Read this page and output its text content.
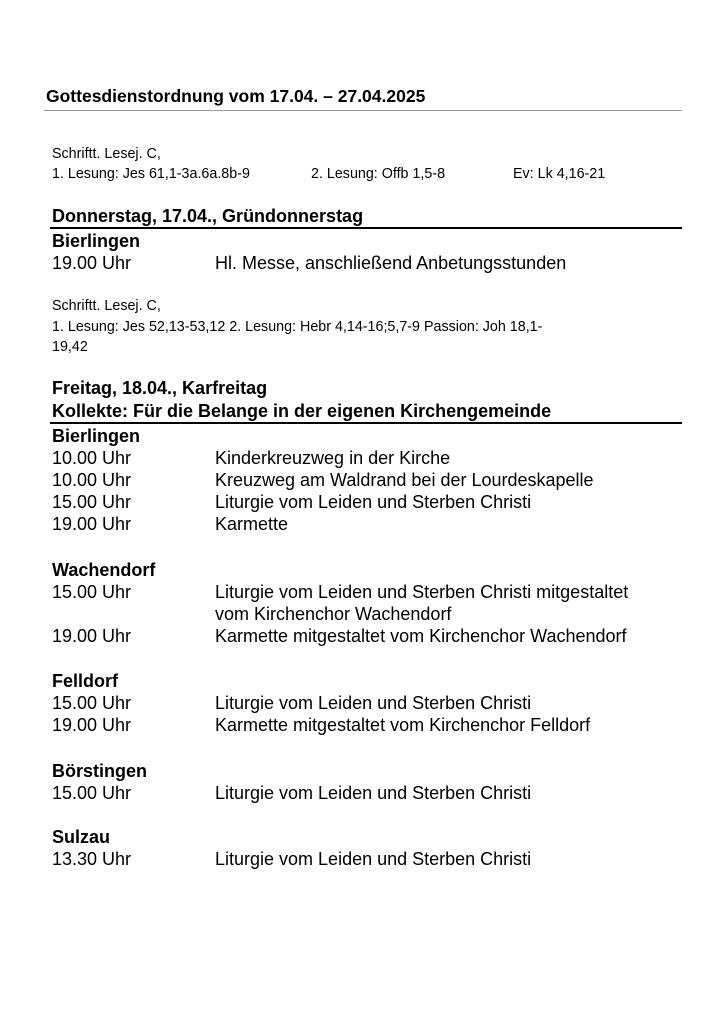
Gottesdienstordnung vom 17.04. – 27.04.2025
Schriftt. Lesej. C,
1. Lesung: Jes 61,1-3a.6a.8b-9	2. Lesung: Offb 1,5-8	Ev: Lk 4,16-21
Donnerstag, 17.04., Gründonnerstag
Bierlingen
19.00 Uhr	Hl. Messe, anschließend Anbetungsstunden
Schriftt. Lesej. C,
1. Lesung: Jes 52,13-53,12 2. Lesung: Hebr 4,14-16;5,7-9 Passion: Joh 18,1-
19,42
Freitag, 18.04., Karfreitag
Kollekte: Für die Belange in der eigenen Kirchengemeinde
Bierlingen
10.00 Uhr	Kinderkreuzweg in der Kirche
10.00 Uhr	Kreuzweg am Waldrand bei der Lourdeskapelle
15.00 Uhr	Liturgie vom Leiden und Sterben Christi
19.00 Uhr	Karmette
Wachendorf
15.00 Uhr	Liturgie vom Leiden und Sterben Christi mitgestaltet
vom Kirchenchor Wachendorf
19.00 Uhr	Karmette mitgestaltet vom Kirchenchor Wachendorf
Felldorf
15.00 Uhr	Liturgie vom Leiden und Sterben Christi
19.00 Uhr	Karmette mitgestaltet vom Kirchenchor Felldorf
Börstingen
15.00 Uhr	Liturgie vom Leiden und Sterben Christi
Sulzau
13.30 Uhr	Liturgie vom Leiden und Sterben Christi
